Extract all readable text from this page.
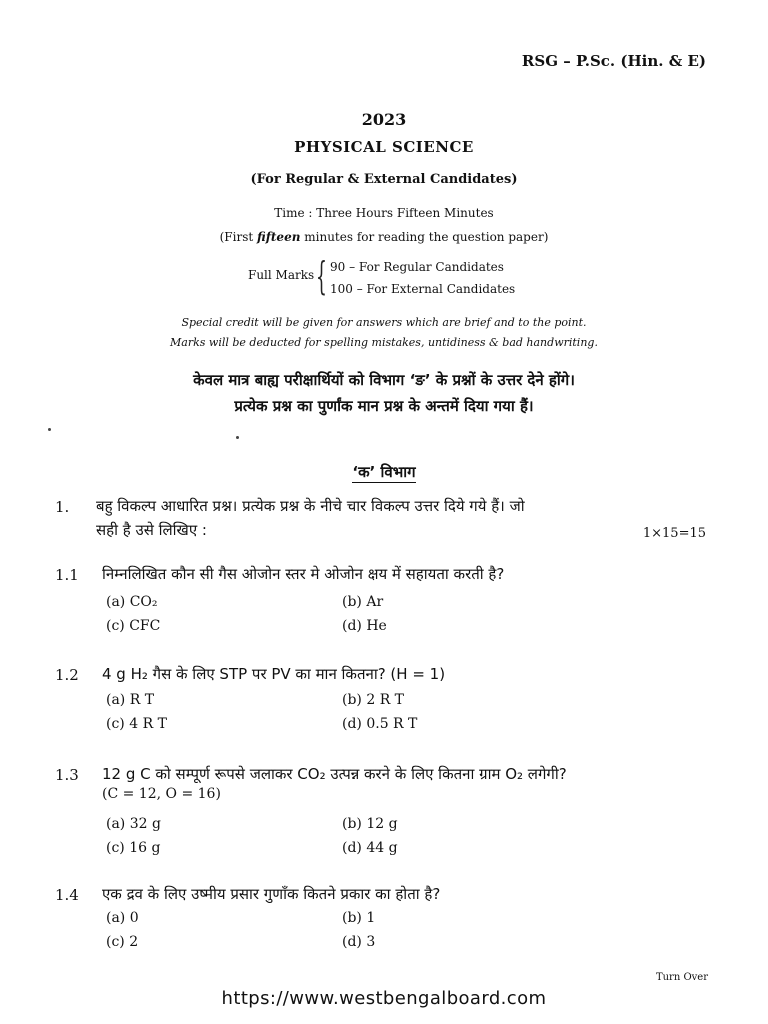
RSG – P.Sc. (Hin. & E)
2023
PHYSICAL SCIENCE
(For Regular & External Candidates)
Time : Three Hours Fifteen Minutes
(First fifteen minutes for reading the question paper)
Full Marks { 90 – For Regular Candidates
100 – For External Candidates
Special credit will be given for answers which are brief and to the point.
Marks will be deducted for spelling mistakes, untidiness & bad handwriting.
केवल मात्र बाह्य परीक्षार्थियों को विभाग ‘ङ’ के प्रश्नों के उत्तर देने होंगे।
प्रत्येक प्रश्न का पुर्णांक मान प्रश्न के अन्तमें दिया गया हैं।
‘क’ विभाग
1. बहु विकल्प आधारित प्रश्न। प्रत्येक प्रश्न के नीचे चार विकल्प उत्तर दिये गये हैं। जो
सही है उसे लिखिए :	1×15=15
1.1 निम्नलिखित कौन सी गैस ओजोन स्तर मे ओजोन क्षय में सहायता करती है?
(a) CO₂	(b) Ar
(c) CFC	(d) He
1.2 4 g H₂ गैस के लिए STP पर PV का मान कितना? (H = 1)
(a) R T	(b) 2 R T
(c) 4 R T	(d) 0.5 R T
1.3 12 g C को सम्पूर्ण रूपसे जलाकर CO₂ उत्पन्न करने के लिए कितना ग्राम O₂ लगेगी?
(C = 12, O = 16)
(a) 32 g	(b) 12 g
(c) 16 g	(d) 44 g
1.4 एक द्रव के लिए उष्मीय प्रसार गुणाँक कितने प्रकार का होता है?
(a) 0	(b) 1
(c) 2	(d) 3
Turn Over
https://www.westbengalboard.com
